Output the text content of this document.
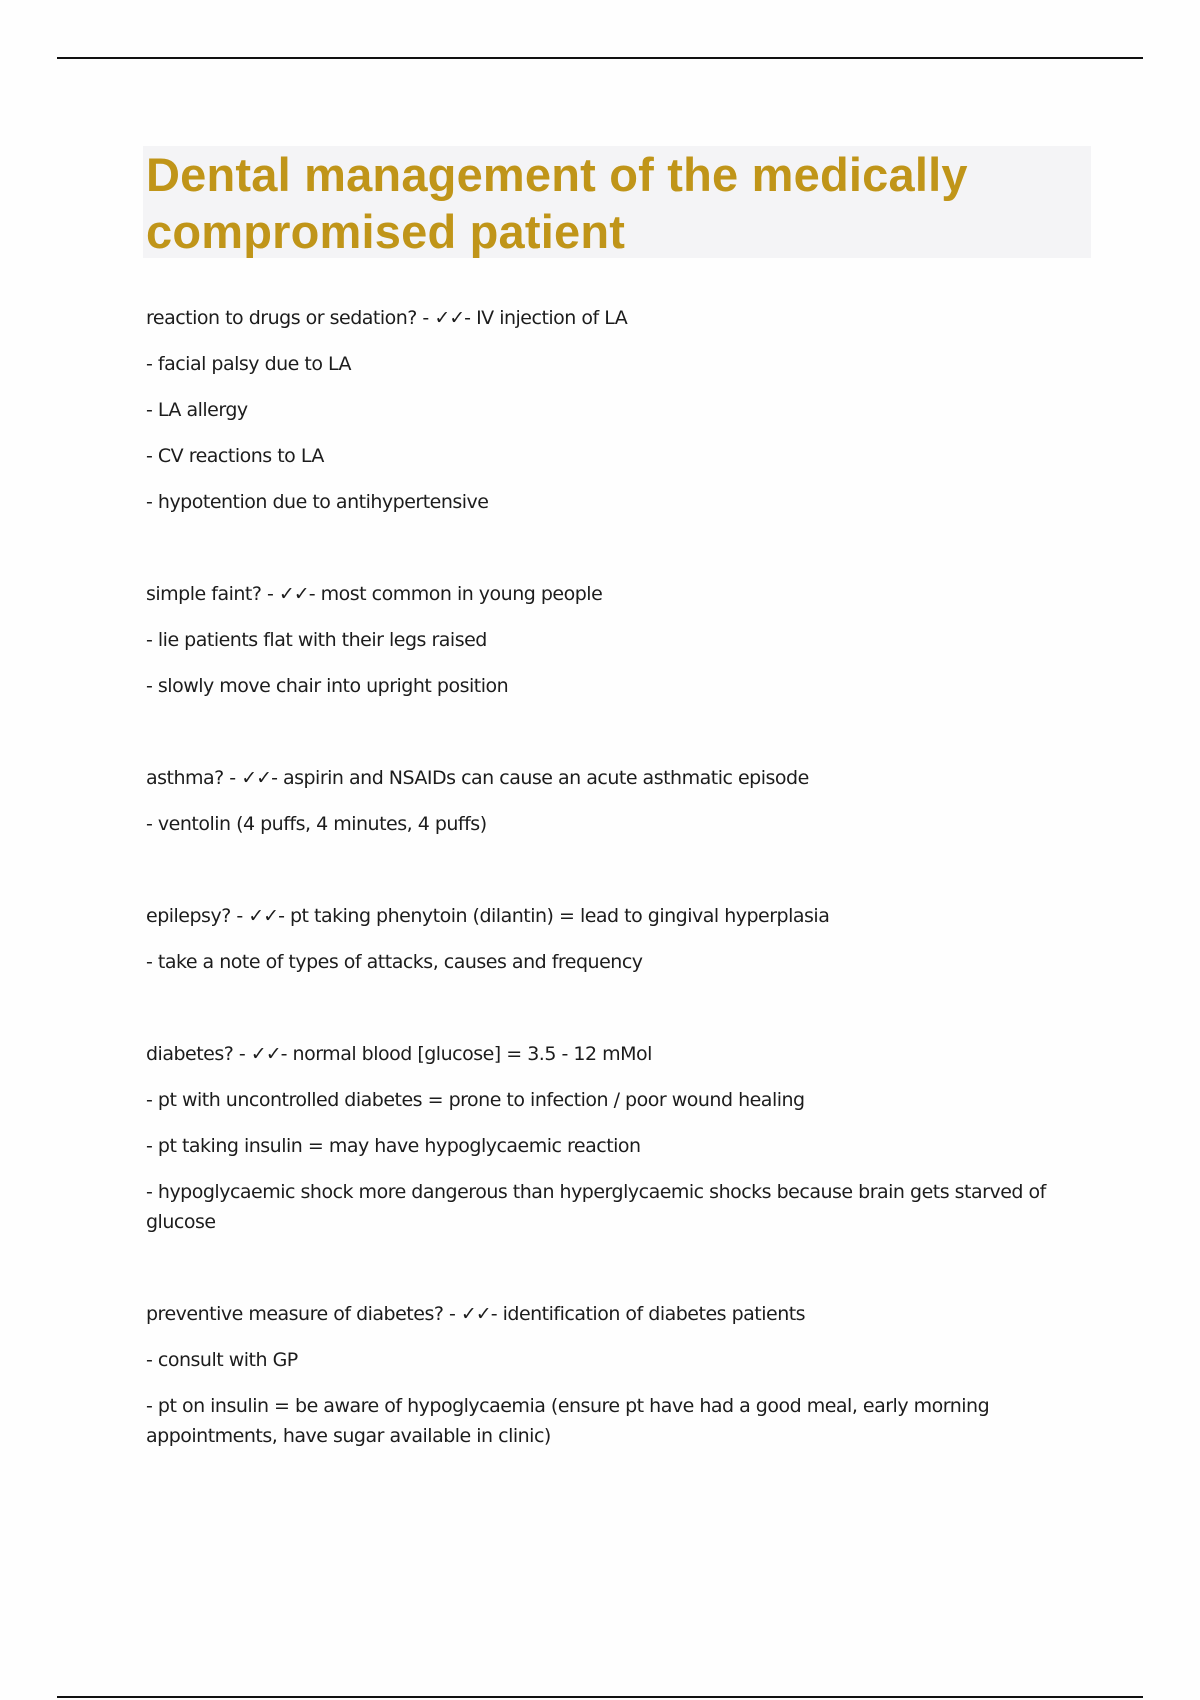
Dental management of the medically compromised patient
reaction to drugs or sedation? - ✓✓- IV injection of LA
- facial palsy due to LA
- LA allergy
- CV reactions to LA
- hypotention due to antihypertensive
simple faint? - ✓✓- most common in young people
- lie patients flat with their legs raised
- slowly move chair into upright position
asthma? - ✓✓- aspirin and NSAIDs can cause an acute asthmatic episode
- ventolin (4 puffs, 4 minutes, 4 puffs)
epilepsy? - ✓✓- pt taking phenytoin (dilantin) = lead to gingival hyperplasia
- take a note of types of attacks, causes and frequency
diabetes? - ✓✓- normal blood [glucose] = 3.5 - 12 mMol
- pt with uncontrolled diabetes = prone to infection / poor wound healing
- pt taking insulin = may have hypoglycaemic reaction
- hypoglycaemic shock more dangerous than hyperglycaemic shocks because brain gets starved of glucose
preventive measure of diabetes? - ✓✓- identification of diabetes patients
- consult with GP
- pt on insulin = be aware of hypoglycaemia (ensure pt have had a good meal, early morning appointments, have sugar available in clinic)
